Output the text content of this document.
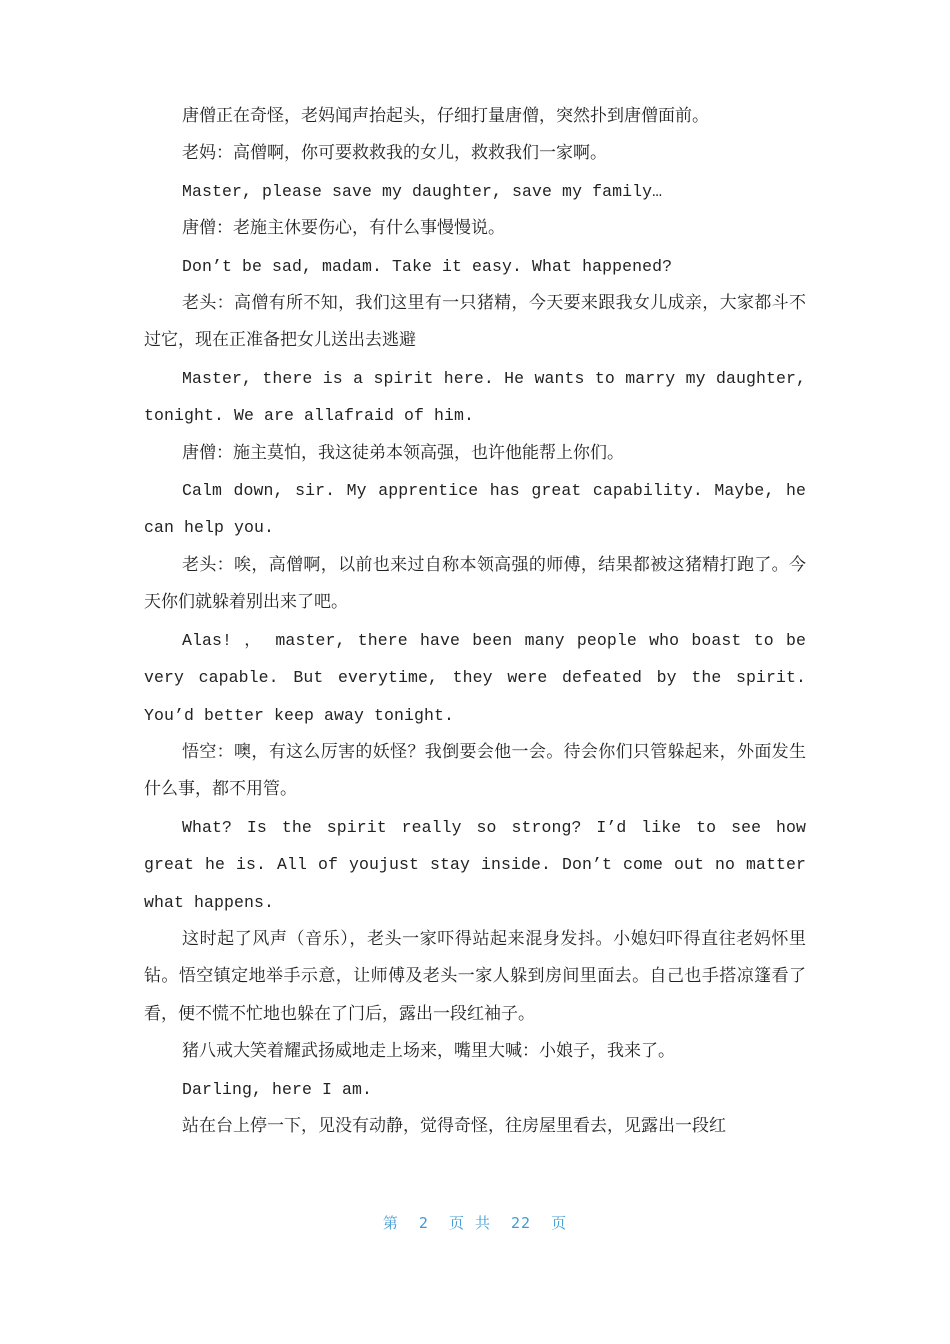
唐僧正在奇怪，老妈闻声抬起头，仔细打量唐僧，突然扑到唐僧面前。

老妈：高僧啊，你可要救救我的女儿，救救我们一家啊。

Master, please save my daughter, save my family…

唐僧：老施主休要伤心，有什么事慢慢说。

Don’t be sad, madam. Take it easy. What happened?

老头：高僧有所不知，我们这里有一只猪精，今天要来跟我女儿成亲，大家都斗不过它，现在正准备把女儿送出去逃避

Master, there is a spirit here. He wants to marry my daughter, tonight. We are allafraid of him.

唐僧：施主莫怕，我这徒弟本领高强，也许他能帮上你们。

Calm down, sir. My apprentice has great capability. Maybe, he can help you.

老头：唉，高僧啊，以前也来过自称本领高强的师傅，结果都被这猪精打跑了。今天你们就躲着别出来了吧。

Alas! ， master, there have been many people who boast to be very capable. But everytime, they were defeated by the spirit. You’d better keep away tonight.

悟空：噢，有这么厉害的妖怪？我倒要会他一会。待会你们只管躲起来，外面发生什么事，都不用管。

What? Is the spirit really so strong? I’d like to see how great he is. All of youjust stay inside. Don’t come out no matter what happens.

这时起了风声（音乐），老头一家吓得站起来混身发抖。小媳妇吓得直往老妈怀里钻。悟空镇定地举手示意，让师傅及老头一家人躲到房间里面去。自己也手搭凉篷看了看，便不慌不忙地也躲在了门后，露出一段红袖子。

猪八戒大笑着耀武扬威地走上场来，嘴里大喊：小娘子，我来了。

Darling, here I am.

站在台上停一下，见没有动静，觉得奇怪，往房屋里看去，见露出一段红

第 2 页 共 22 页
